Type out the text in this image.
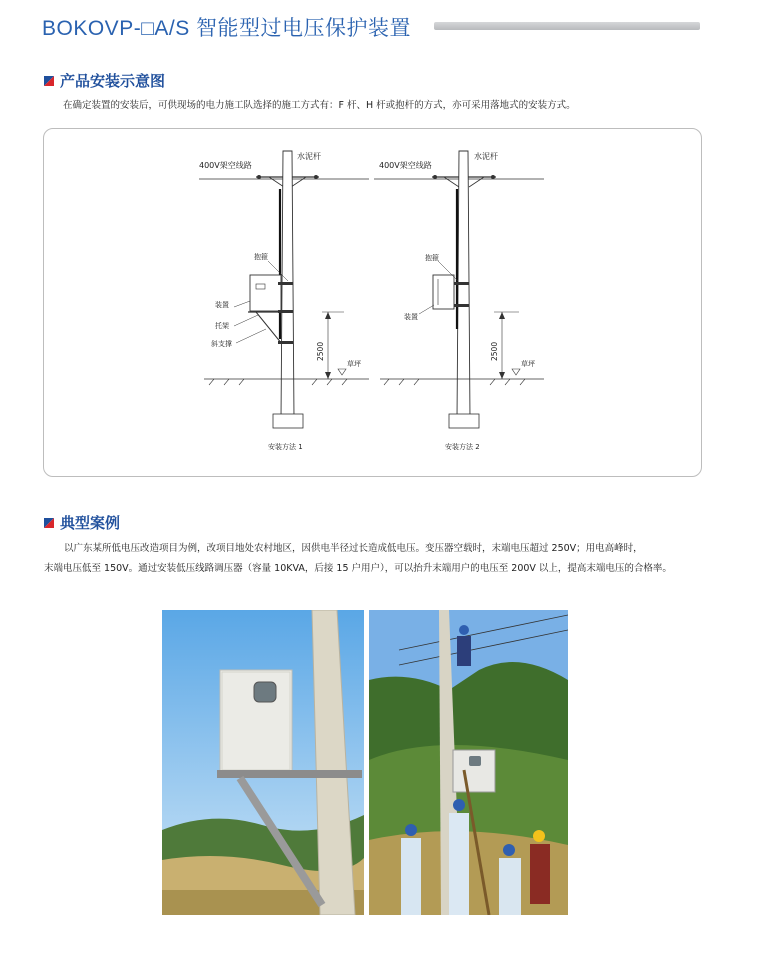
BOKOVP-□A/S 智能型过电压保护装置
产品安装示意图
在确定装置的安装后，可供现场的电力施工队选择的施工方式有：F 杆、H 杆或抱杆的方式，亦可采用落地式的安装方式。
400V架空线路
水泥杆
抱箍
装置
托架
斜支撑	2500
草坪
安装方法 1
400V架空线路
水泥杆
抱箍
装置
2500
草坪
安装方法 2
典型案例
以广东某所低电压改造项目为例，改项目地处农村地区，因供电半径过长造成低电压。变压器空载时，末端电压超过 250V；用电高峰时，
末端电压低至 150V。通过安装低压线路调压器（容量 10KVA，后接 15 户用户），可以抬升末端用户的电压至 200V 以上，提高末端电压的合格率。
